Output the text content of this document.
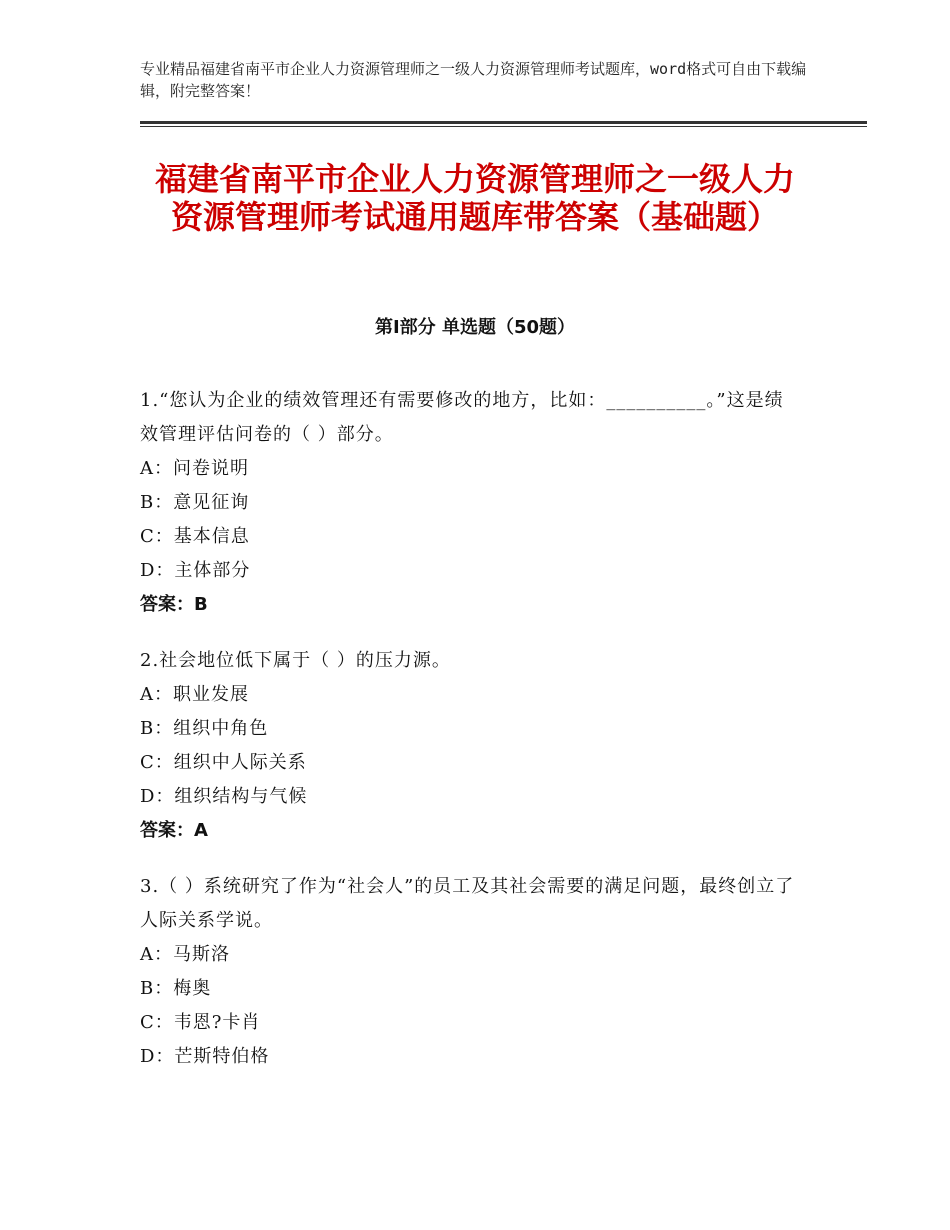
专业精品福建省南平市企业人力资源管理师之一级人力资源管理师考试题库，word格式可自由下载编辑，附完整答案！
福建省南平市企业人力资源管理师之一级人力资源管理师考试通用题库带答案（基础题）
第Ⅰ部分 单选题（50题）
1.“您认为企业的绩效管理还有需要修改的地方，比如：__________。”这是绩效管理评估问卷的（ ）部分。
A：问卷说明
B：意见征询
C：基本信息
D：主体部分
答案：B
2.社会地位低下属于（ ）的压力源。
A：职业发展
B：组织中角色
C：组织中人际关系
D：组织结构与气候
答案：A
3.（ ）系统研究了作为“社会人”的员工及其社会需要的满足问题，最终创立了人际关系学说。
A：马斯洛
B：梅奥
C：韦恩?卡肖
D：芒斯特伯格
